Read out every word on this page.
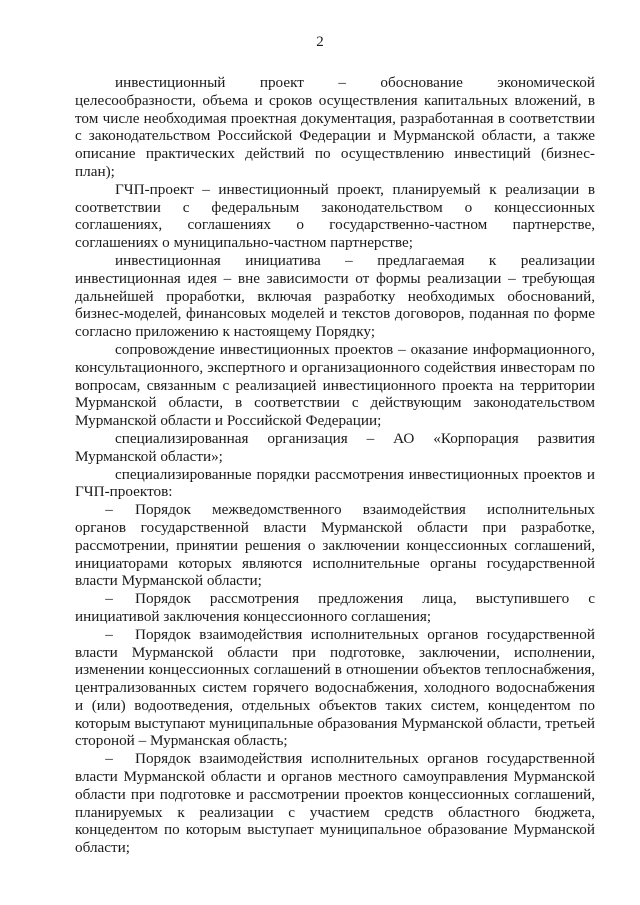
2

инвестиционный проект – обоснование экономической целесообразности, объема и сроков осуществления капитальных вложений, в том числе необходимая проектная документация, разработанная в соответствии с законодательством Российской Федерации и Мурманской области, а также описание практических действий по осуществлению инвестиций (бизнес-план);

ГЧП-проект – инвестиционный проект, планируемый к реализации в соответствии с федеральным законодательством о концессионных соглашениях, соглашениях о государственно-частном партнерстве, соглашениях о муниципально-частном партнерстве;

инвестиционная инициатива – предлагаемая к реализации инвестиционная идея – вне зависимости от формы реализации – требующая дальнейшей проработки, включая разработку необходимых обоснований, бизнес-моделей, финансовых моделей и текстов договоров, поданная по форме согласно приложению к настоящему Порядку;

сопровождение инвестиционных проектов – оказание информационного, консультационного, экспертного и организационного содействия инвесторам по вопросам, связанным с реализацией инвестиционного проекта на территории Мурманской области, в соответствии с действующим законодательством Мурманской области и Российской Федерации;

специализированная организация – АО «Корпорация развития Мурманской области»;

специализированные порядки рассмотрения инвестиционных проектов и ГЧП-проектов:

– Порядок межведомственного взаимодействия исполнительных органов государственной власти Мурманской области при разработке, рассмотрении, принятии решения о заключении концессионных соглашений, инициаторами которых являются исполнительные органы государственной власти Мурманской области;

– Порядок рассмотрения предложения лица, выступившего с инициативой заключения концессионного соглашения;

– Порядок взаимодействия исполнительных органов государственной власти Мурманской области при подготовке, заключении, исполнении, изменении концессионных соглашений в отношении объектов теплоснабжения, централизованных систем горячего водоснабжения, холодного водоснабжения и (или) водоотведения, отдельных объектов таких систем, концедентом по которым выступают муниципальные образования Мурманской области, третьей стороной – Мурманская область;

– Порядок взаимодействия исполнительных органов государственной власти Мурманской области и органов местного самоуправления Мурманской области при подготовке и рассмотрении проектов концессионных соглашений, планируемых к реализации с участием средств областного бюджета, концедентом по которым выступает муниципальное образование Мурманской области;
